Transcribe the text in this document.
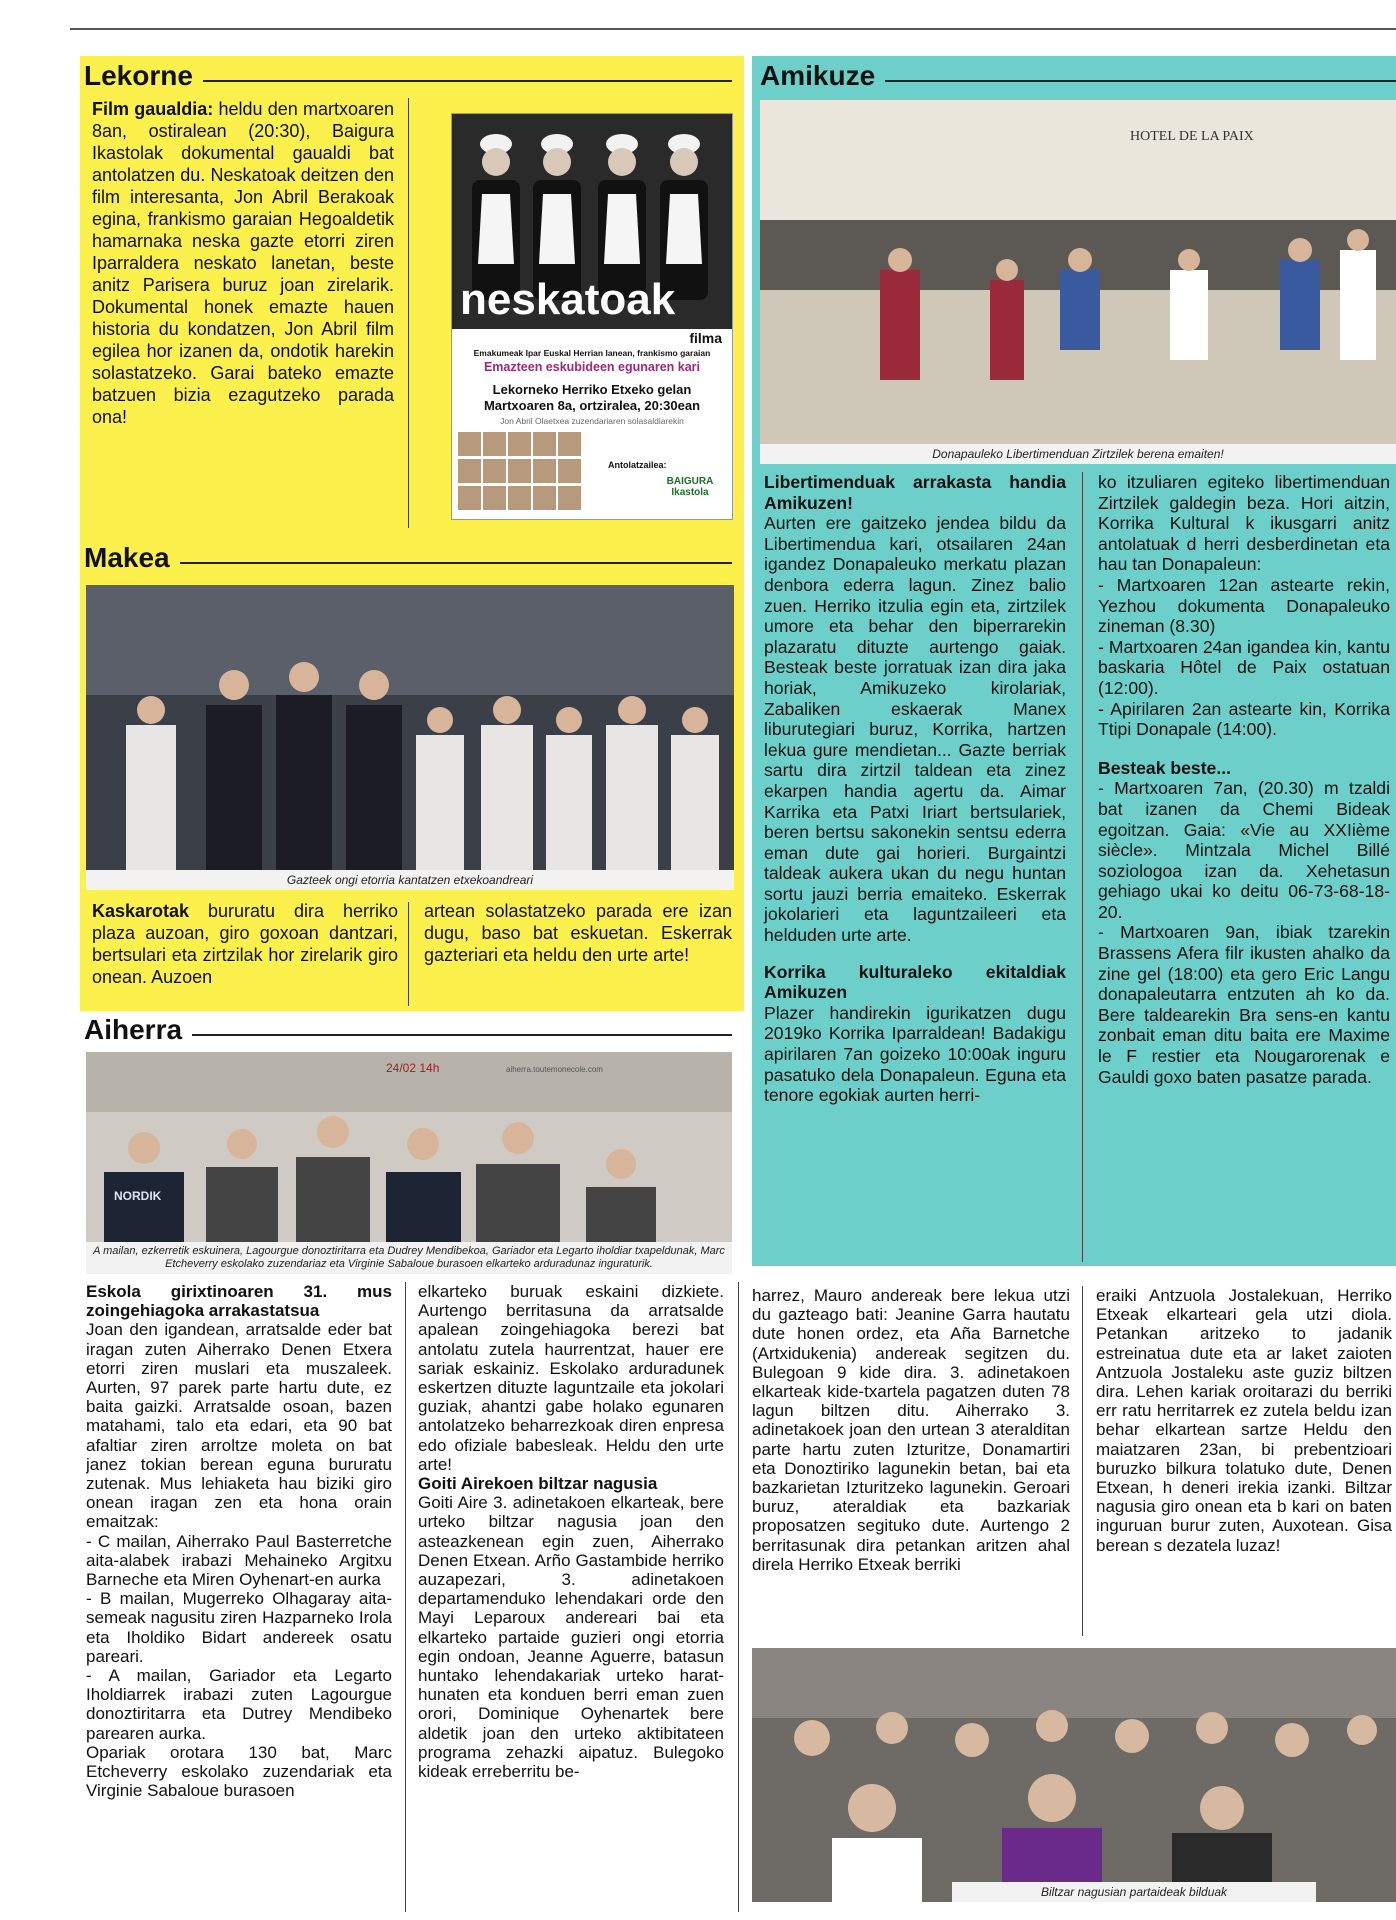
Lekorne
Film gaualdia: heldu den martxoaren 8an, ostiralean (20:30), Baigura Ikastolak dokumental gaualdi bat antolatzen du. Neskatoak deitzen den film interesanta, Jon Abril Berakoak egina, frankismo garaian Hegoaldetik hamarnaka neska gazte etorri ziren Iparraldera neskato lanetan, beste anitz Parisera buruz joan zirelarik. Dokumental honek emazte hauen historia du kondatzen, Jon Abril film egilea hor izanen da, ondotik harekin solastatzeko. Garai bateko emazte batzuen bizia ezagutzeko parada ona!
neskatoak
filma
Emakumeak Ipar Euskal Herrian lanean, frankismo garaian
Emazteen eskubideen egunaren kari
Lekorneko Herriko Etxeko gelan
Martxoaren 8a, ortziralea, 20:30ean
Jon Abril Olaetxea zuzendariaren solasaldiarekin
Antolatzailea:
BAIGURA Ikastola
Makea
Gazteek ongi etorria kantatzen etxekoandreari
Kaskarotak bururatu dira herriko plaza auzoan, giro goxoan dantzari, bertsulari eta zirtzilak hor zirelarik giro onean. Auzoen
artean solastatzeko parada ere izan dugu, baso bat eskuetan. Eskerrak gazteriari eta heldu den urte arte!
Amikuze
HOTEL DE LA PAIX
Donapauleko Libertimenduan Zirtzilek berena emaiten!

Libertimenduak arrakasta handia Amikuzen!

Aurten ere gaitzeko jendea bildu da Libertimendua kari, otsailaren 24an igandez Donapaleuko merkatu plazan denbora ederra lagun. Zinez balio zuen. Herriko itzulia egin eta, zirtzilek umore eta behar den biperrarekin plazaratu dituzte aurtengo gaiak. Besteak beste jorratuak izan dira jaka horiak, Amikuzeko kirolariak, Zabaliken eskaerak Manex liburutegiari buruz, Korrika, hartzen lekua gure mendietan... Gazte berriak sartu dira zirtzil taldean eta zinez ekarpen handia agertu da. Aimar Karrika eta Patxi Iriart bertsulariek, beren bertsu sakonekin sentsu ederra eman dute gai horieri. Burgaintzi taldeak aukera ukan du negu huntan sortu jauzi berria emaiteko. Eskerrak jokolarieri eta laguntzaileeri eta helduden urte arte.

Korrika kulturaleko ekitaldiak Amikuzen

Plazer handirekin igurikatzen dugu 2019ko Korrika Iparraldean! Badakigu apirilaren 7an goizeko 10:00ak inguru pasatuko dela Donapaleun. Eguna eta tenore egokiak aurten herri-

ko itzuliaren egiteko libertimenduan Zirtzilek galdegin beza. Hori aitzin, Korrika Kultural k ikusgarri anitz antolatuak d herri desberdinetan eta hau tan Donapaleun:

- Martxoaren 12an astearte rekin, Yezhou dokumenta Donapaleuko zineman (8.30)
- Martxoaren 24an igandea kin, kantu baskaria Hôtel de Paix ostatuan (12:00).
- Apirilaren 2an astearte kin, Korrika Ttipi Donapale (14:00).

Besteak beste...

- Martxoaren 7an, (20.30) m tzaldi bat izanen da Chemi Bideak egoitzan. Gaia: «Vie au XXIième siècle». Mintzala Michel Billé soziologoa izan da. Xehetasun gehiago ukai ko deitu 06-73-68-18-20.
- Martxoaren 9an, ibiak tzarekin Brassens Afera filr ikusten ahalko da zine gel (18:00) eta gero Eric Langu donapaleutarra entzuten ah ko da. Bere taldearekin Bra sens-en kantu zonbait eman ditu baita ere Maxime le F restier eta Nougarorenak e Gauldi goxo baten pasatze parada.
Aiherra
24/02 14h	aiherra.toutemonecole.com
NORDIK
A mailan, ezkerretik eskuinera, Lagourgue donoztiritarra eta Dudrey Mendibekoa, Gariador eta Legarto iholdiar txapeldunak, Marc Etcheverry eskolako zuzendariaz eta Virginie Sabaloue burasoen elkarteko arduradunaz inguraturik.

Eskola girixtinoaren 31. mus zoingehiagoka arrakastatsua

Joan den igandean, arratsalde eder bat iragan zuten Aiherrako Denen Etxera etorri ziren muslari eta muszaleek. Aurten, 97 parek parte hartu dute, ez baita gaizki. Arratsalde osoan, bazen matahami, talo eta edari, eta 90 bat afaltiar ziren arroltze moleta on bat janez tokian berean eguna bururatu zutenak. Mus lehiaketa hau biziki giro onean iragan zen eta hona orain emaitzak:

- C mailan, Aiherrako Paul Basterretche aita-alabek irabazi Mehaineko Argitxu Barneche eta Miren Oyhenart-en aurka
- B mailan, Mugerreko Olhagaray aita-semeak nagusitu ziren Hazparneko Irola eta Iholdiko Bidart andereek osatu pareari.
- A mailan, Gariador eta Legarto Iholdiarrek irabazi zuten Lagourgue donoztiritarra eta Dutrey Mendibeko parearen aurka.

Opariak orotara 130 bat, Marc Etcheverry eskolako zuzendariak eta Virginie Sabaloue burasoen

elkarteko buruak eskaini dizkiete. Aurtengo berritasuna da arratsalde apalean zoingehiagoka berezi bat antolatu zutela haurrentzat, hauer ere sariak eskainiz. Eskolako arduradunek eskertzen dituzte laguntzaile eta jokolari guziak, ahantzi gabe holako egunaren antolatzeko beharrezkoak diren enpresa edo ofiziale babesleak. Heldu den urte arte!

Goiti Airekoen biltzar nagusia

Goiti Aire 3. adinetakoen elkarteak, bere urteko biltzar nagusia joan den asteazkenean egin zuen, Aiherrako Denen Etxean. Arño Gastambide herriko auzapezari, 3. adinetakoen departamenduko lehendakari orde den Mayi Leparoux andereari bai eta elkarteko partaide guzieri ongi etorria egin ondoan, Jeanne Aguerre, batasun huntako lehendakariak urteko harat-hunaten eta konduen berri eman zuen orori, Dominique Oyhenartek bere aldetik joan den urteko aktibitateen programa zehazki aipatuz. Bulegoko kideak erreberritu be-

harrez, Mauro andereak bere lekua utzi du gazteago bati: Jeanine Garra hautatu dute honen ordez, eta Aña Barnetche (Artxidukenia) andereak segitzen du. Bulegoan 9 kide dira. 3. adinetakoen elkarteak kide-txartela pagatzen duten 78 lagun biltzen ditu. Aiherrako 3. adinetakoek joan den urtean 3 ateralditan parte hartu zuten Izturitze, Donamartiri eta Donoztiriko lagunekin betan, bai eta bazkarietan Izturitzeko lagunekin. Geroari buruz, ateraldiak eta bazkariak proposatzen segituko dute. Aurtengo 2 berritasunak dira petankan aritzen ahal direla Herriko Etxeak berriki
eraiki Antzuola Jostalekuan, Herriko Etxeak elkarteari gela utzi diola. Petankan aritzeko to jadanik estreinatua dute eta ar laket zaioten Antzuola Jostaleku aste guziz biltzen dira. Lehen kariak oroitarazi du berriki err ratu herritarrek ez zutela beldu izan behar elkartean sartze Heldu den maiatzaren 23an, bi prebentzioari buruzko bilkura tolatuko dute, Denen Etxean, h deneri irekia izanki. Biltzar nagusia giro onean eta b kari on baten inguruan burur zuten, Auxotean. Gisa berean s dezatela luzaz!
Biltzar nagusian partaideak bilduak
